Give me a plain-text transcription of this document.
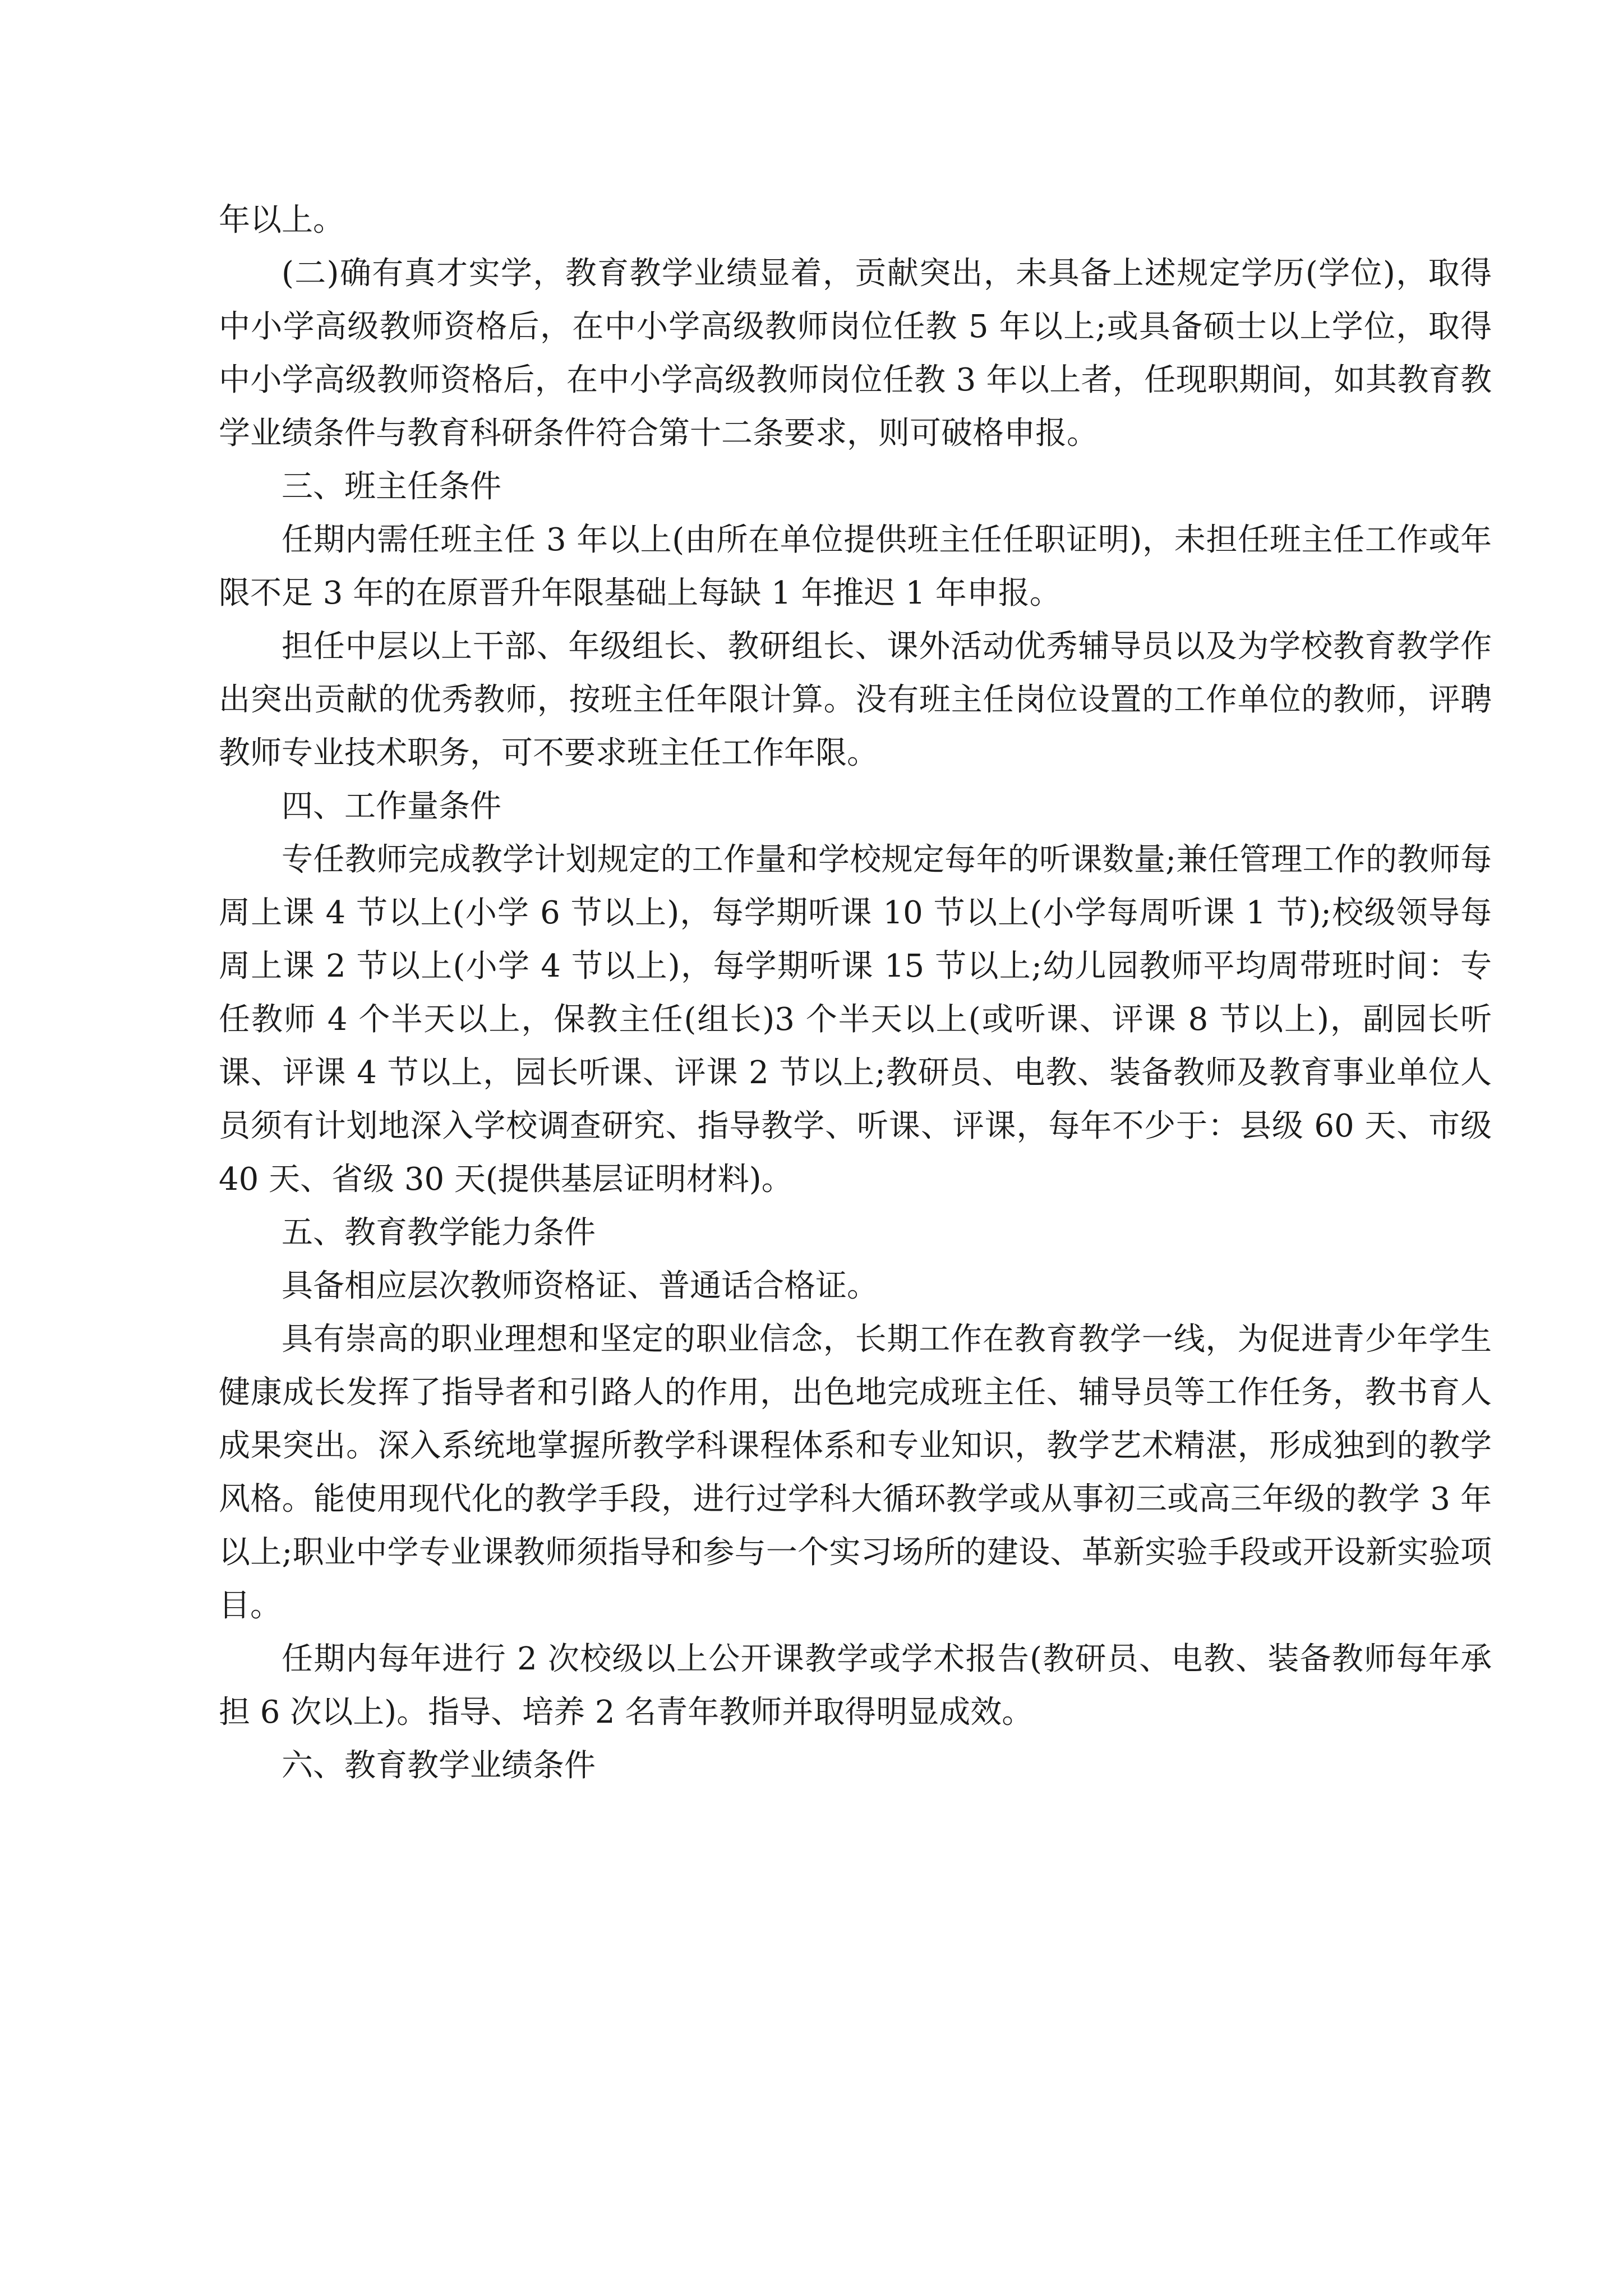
年以上。

(二)确有真才实学，教育教学业绩显着，贡献突出，未具备上述规定学历(学位)，取得中小学高级教师资格后，在中小学高级教师岗位任教 5 年以上;或具备硕士以上学位，取得中小学高级教师资格后，在中小学高级教师岗位任教 3 年以上者，任现职期间，如其教育教学业绩条件与教育科研条件符合第十二条要求，则可破格申报。

三、班主任条件

任期内需任班主任 3 年以上(由所在单位提供班主任任职证明)，未担任班主任工作或年限不足 3 年的在原晋升年限基础上每缺 1 年推迟 1 年申报。

担任中层以上干部、年级组长、教研组长、课外活动优秀辅导员以及为学校教育教学作出突出贡献的优秀教师，按班主任年限计算。没有班主任岗位设置的工作单位的教师，评聘教师专业技术职务，可不要求班主任工作年限。

四、工作量条件

专任教师完成教学计划规定的工作量和学校规定每年的听课数量;兼任管理工作的教师每周上课 4 节以上(小学 6 节以上)，每学期听课 10 节以上(小学每周听课 1 节);校级领导每周上课 2 节以上(小学 4 节以上)，每学期听课 15 节以上;幼儿园教师平均周带班时间：专任教师 4 个半天以上，保教主任(组长)3 个半天以上(或听课、评课 8 节以上)，副园长听课、评课 4 节以上，园长听课、评课 2 节以上;教研员、电教、装备教师及教育事业单位人员须有计划地深入学校调查研究、指导教学、听课、评课，每年不少于：县级 60 天、市级 40 天、省级 30 天(提供基层证明材料)。

五、教育教学能力条件

具备相应层次教师资格证、普通话合格证。

具有崇高的职业理想和坚定的职业信念，长期工作在教育教学一线，为促进青少年学生健康成长发挥了指导者和引路人的作用，出色地完成班主任、辅导员等工作任务，教书育人成果突出。深入系统地掌握所教学科课程体系和专业知识，教学艺术精湛，形成独到的教学风格。能使用现代化的教学手段，进行过学科大循环教学或从事初三或高三年级的教学 3 年以上;职业中学专业课教师须指导和参与一个实习场所的建设、革新实验手段或开设新实验项目。

任期内每年进行 2 次校级以上公开课教学或学术报告(教研员、电教、装备教师每年承担 6 次以上)。指导、培养 2 名青年教师并取得明显成效。

六、教育教学业绩条件
